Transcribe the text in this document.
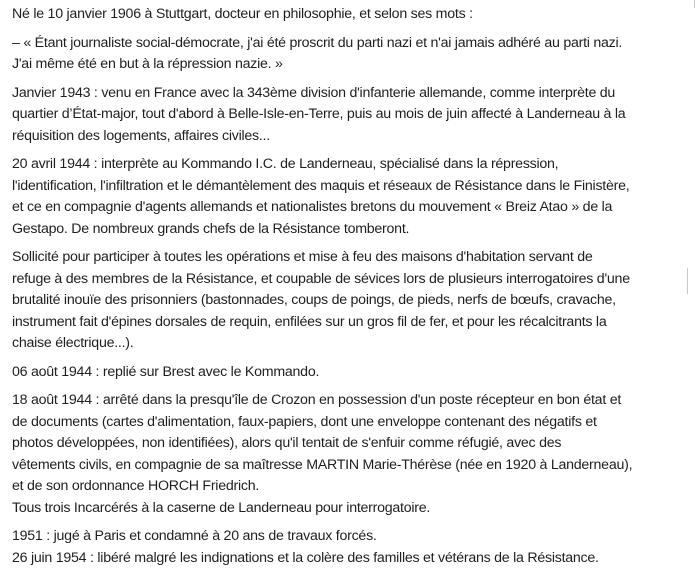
Né le 10 janvier 1906 à Stuttgart, docteur en philosophie, et selon ses mots :

– « Étant journaliste social-démocrate, j'ai été proscrit du parti nazi et n'ai jamais adhéré au parti nazi.
J'ai même été en but à la répression nazie. »

Janvier 1943 : venu en France avec la 343ème division d'infanterie allemande, comme interprète du
quartier d’État-major, tout d'abord à Belle-Isle-en-Terre, puis au mois de juin affecté à Landerneau à la
réquisition des logements, affaires civiles...

20 avril 1944 : interprète au Kommando I.C. de Landerneau, spécialisé dans la répression,
l'identification, l'infiltration et le démantèlement des maquis et réseaux de Résistance dans le Finistère,
et ce en compagnie d'agents allemands et nationalistes bretons du mouvement « Breiz Atao » de la
Gestapo. De nombreux grands chefs de la Résistance tomberont.

Sollicité pour participer à toutes les opérations et mise à feu des maisons d'habitation servant de
refuge à des membres de la Résistance, et coupable de sévices lors de plusieurs interrogatoires d'une
brutalité inouïe des prisonniers (bastonnades, coups de poings, de pieds, nerfs de bœufs, cravache,
instrument fait d'épines dorsales de requin, enfilées sur un gros fil de fer, et pour les récalcitrants la
chaise électrique...).

06 août 1944 : replié sur Brest avec le Kommando.

18 août 1944 : arrêté dans la presqu'île de Crozon en possession d'un poste récepteur en bon état et
de documents (cartes d'alimentation, faux-papiers, dont une enveloppe contenant des négatifs et
photos développées, non identifiées), alors qu'il tentait de s'enfuir comme réfugié, avec des
vêtements civils, en compagnie de sa maîtresse MARTIN Marie-Thérèse (née en 1920 à Landerneau),
et de son ordonnance HORCH Friedrich.
Tous trois Incarcérés à la caserne de Landerneau pour interrogatoire.

1951 : jugé à Paris et condamné à 20 ans de travaux forcés.
26 juin 1954 : libéré malgré les indignations et la colère des familles et vétérans de la Résistance.
